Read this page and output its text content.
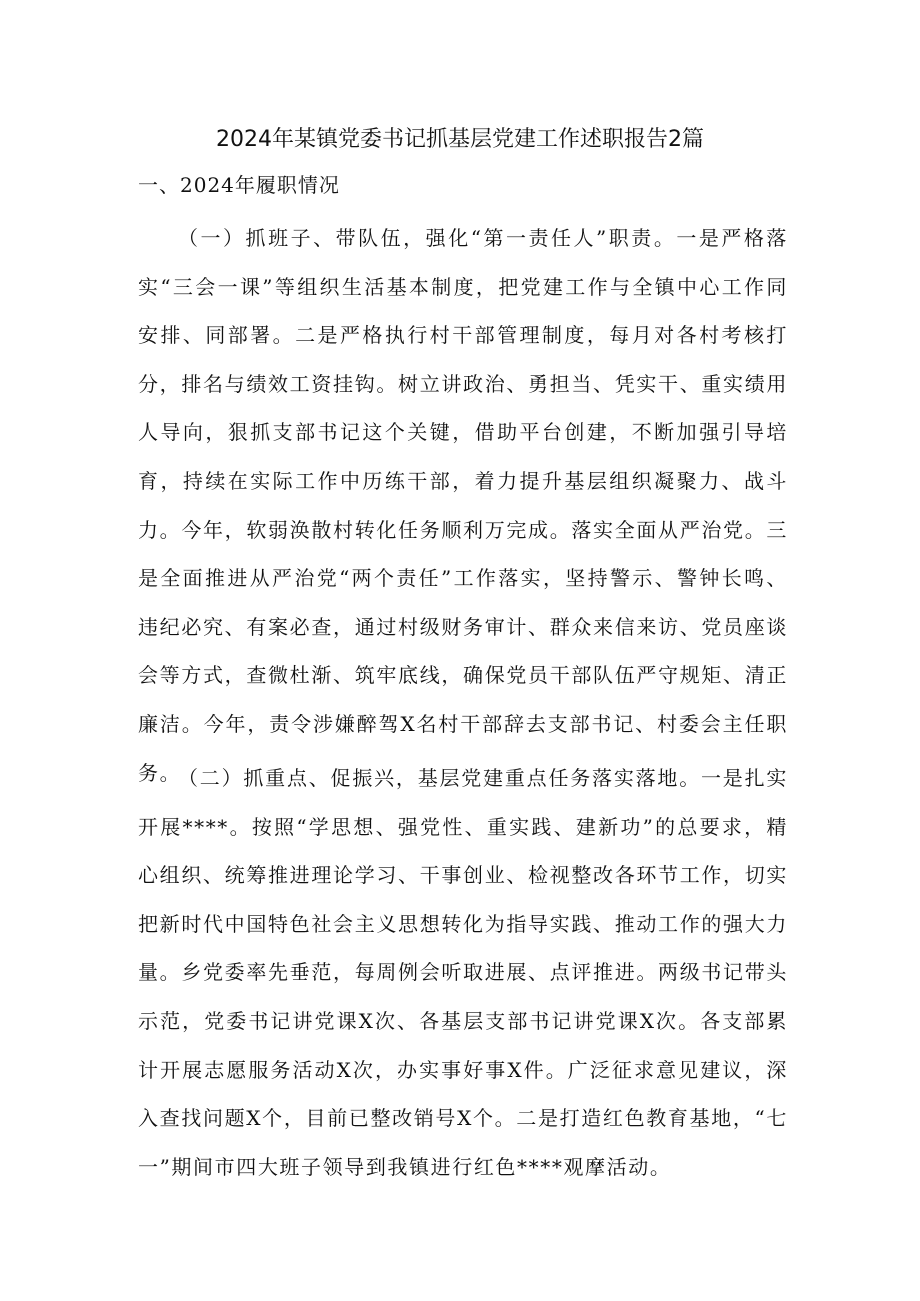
2024年某镇党委书记抓基层党建工作述职报告2篇
一、2024年履职情况

（一）抓班子、带队伍，强化“第一责任人”职责。一是严格落实“三会一课”等组织生活基本制度，把党建工作与全镇中心工作同安排、同部署。二是严格执行村干部管理制度，每月对各村考核打分，排名与绩效工资挂钩。树立讲政治、勇担当、凭实干、重实绩用人导向，狠抓支部书记这个关键，借助平台创建，不断加强引导培育，持续在实际工作中历练干部，着力提升基层组织凝聚力、战斗力。今年，软弱涣散村转化任务顺利万完成。落实全面从严治党。三是全面推进从严治党“两个责任”工作落实，坚持警示、警钟长鸣、违纪必究、有案必查，通过村级财务审计、群众来信来访、党员座谈会等方式，查微杜渐、筑牢底线，确保党员干部队伍严守规矩、清正廉洁。今年，责令涉嫌醉驾X名村干部辞去支部书记、村委会主任职务。

（二）抓重点、促振兴，基层党建重点任务落实落地。一是扎实开展****。按照“学思想、强党性、重实践、建新功”的总要求，精心组织、统筹推进理论学习、干事创业、检视整改各环节工作，切实把新时代中国特色社会主义思想转化为指导实践、推动工作的强大力量。乡党委率先垂范，每周例会听取进展、点评推进。两级书记带头示范，党委书记讲党课X次、各基层支部书记讲党课X次。各支部累计开展志愿服务活动X次，办实事好事X件。广泛征求意见建议，深入查找问题X个，目前已整改销号X个。二是打造红色教育基地，“七一”期间市四大班子领导到我镇进行红色****观摩活动。
